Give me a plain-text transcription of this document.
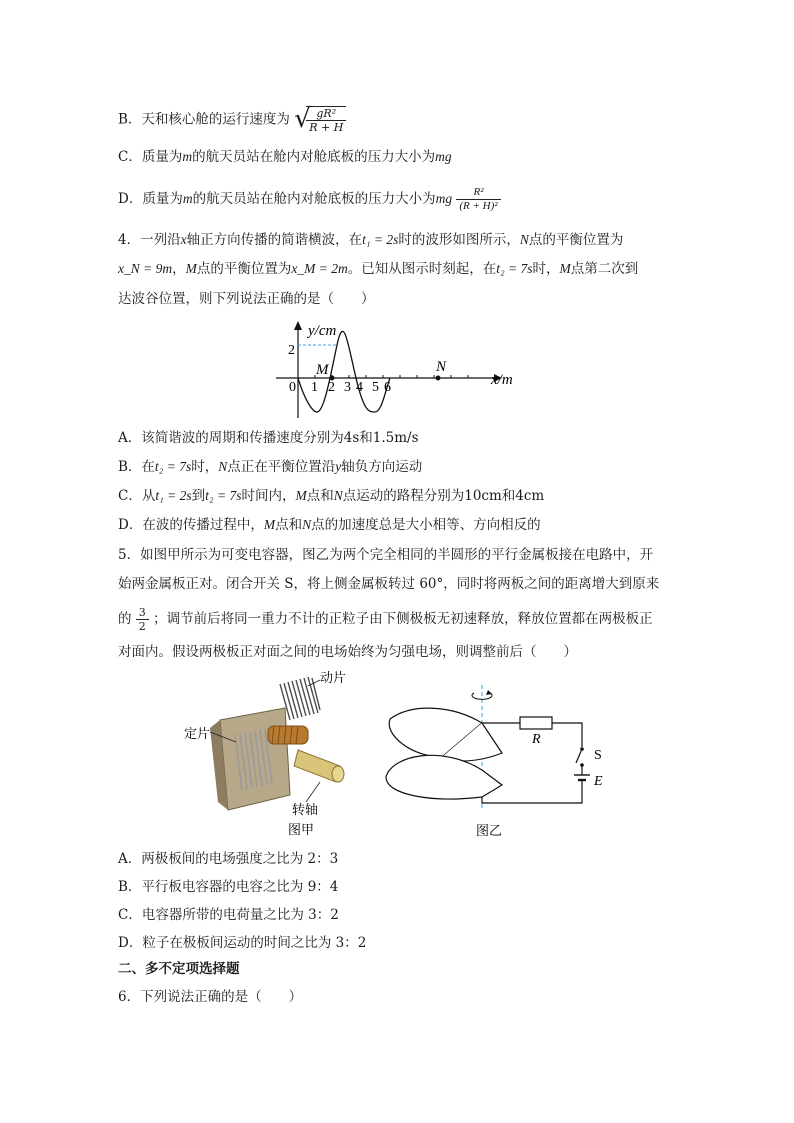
B．天和核心舱的运行速度为 √
$\frac{\text{gR²}}{R + H}$
C．质量为m的航天员站在舱内对舱底板的压力大小为mg
D．质量为m的航天员站在舱内对舱底板的压力大小为mg $\frac{\text{R²}}{\text{(R + H)²}}$
4．一列沿x轴正方向传播的简谐横波，在t₁ = 2s时的波形如图所示，N点的平衡位置为
x_N = 9m，M点的平衡位置为x_M = 2m。已知从图示时刻起，在t₂ = 7s时，M点第二次到
达波谷位置，则下列说法正确的是（　　）
y/cm
2
0 1 2 3 4 5 6
M	N
x/m
A．该简谐波的周期和传播速度分别为4s和1.5m/s
B．在t₂ = 7s时，N点正在平衡位置沿y轴负方向运动
C．从t₁ = 2s到t₂ = 7s时间内，M点和N点运动的路程分别为10cm和4cm
D．在波的传播过程中，M点和N点的加速度总是大小相等、方向相反的
5．如图甲所示为可变电容器，图乙为两个完全相同的半圆形的平行金属板接在电路中，开
始两金属板正对。闭合开关 S，将上侧金属板转过 60°，同时将两板之间的距离增大到原来
的 $\frac{3}{2}$ ；调节前后将同一重力不计的正粒子由下侧极板无初速释放，释放位置都在两极板正
对面内。假设两极板正对面之间的电场始终为匀强电场，则调整前后（　　）
动片
定片
转轴
图甲
R
S
E
图乙
A．两极板间的电场强度之比为 2：3
B．平行板电容器的电容之比为 9：4
C．电容器所带的电荷量之比为 3：2
D．粒子在极板间运动的时间之比为 3：2
二、多不定项选择题
6．下列说法正确的是（　　）
